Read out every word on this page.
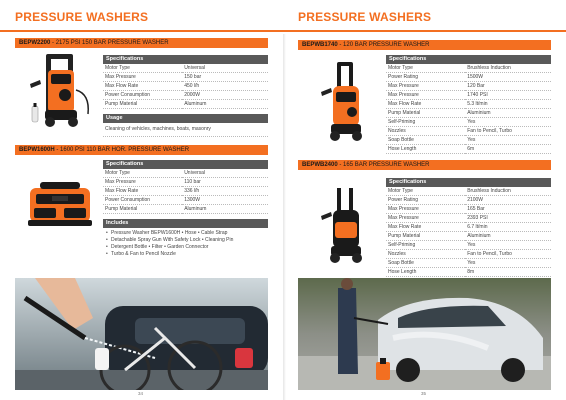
PRESSURE WASHERS
BEPW2200 - 2175 PSI 150 BAR PRESSURE WASHER
Specifications
Motor Type	Universal
Max Pressure	150 bar
Max Flow Rate	450 l/h
Power Consumption	2000W
Pump Material	Aluminum
Usage
Cleaning of vehicles, machines, boats, masonry
BEPW1600H - 1600 PSI 110 BAR HOR. PRESSURE WASHER
Specifications
Motor Type	Universal
Max Pressure	110 bar
Max Flow Rate	336 l/h
Power Consumption	1300W
Pump Material	Aluminum
Includes
• Pressure Washer BEPW1600H • Hose • Cable Strap
• Detachable Spray Gun With Safety Lock • Cleaning Pin
• Detergent Bottle • Filter • Garden Connector
• Turbo & Fan to Pencil Nozzle
34
PRESSURE WASHERS
BEPWB1740 - 120 BAR PRESSURE WASHER
Specifications
Motor Type	Brushless Induction
Power Rating	1500W
Max Pressure	120 Bar
Max Pressure	1740 PSI
Max Flow Rate	5.3 lt/min
Pump Material	Aluminium
Self-Priming	Yes
Nozzles	Fan to Pencil, Turbo
Soap Bottle	Yes
Hose Length	6m
BEPWB2400 - 165 BAR PRESSURE WASHER
Specifications
Motor Type	Brushless Induction
Power Rating	2100W
Max Pressure	165 Bar
Max Pressure	2393 PSI
Max Flow Rate	6.7 lt/min
Pump Material	Aluminium
Self-Priming	Yes
Nozzles	Fan to Pencil, Turbo
Soap Bottle	Yes
Hose Length	8m
35
